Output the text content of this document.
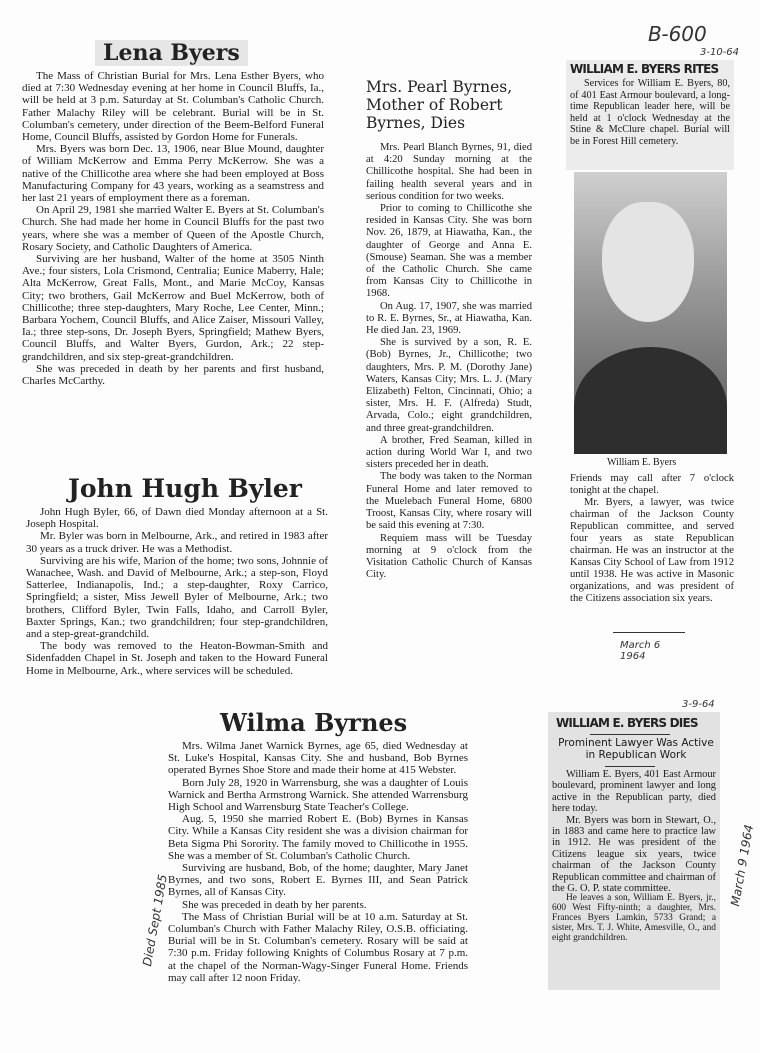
Lena Byers

The Mass of Christian Burial for Mrs. Lena Esther Byers, who died at 7:30 Wednesday evening at her home in Council Bluffs, Ia., will be held at 3 p.m. Saturday at St. Columban's Catholic Church. Father Malachy Riley will be celebrant. Burial will be in St. Columban's cemetery, under direction of the Beem-Belford Funeral Home, Council Bluffs, assisted by Gordon Home for Funerals.

Mrs. Byers was born Dec. 13, 1906, near Blue Mound, daughter of William McKerrow and Emma Perry McKerrow. She was a native of the Chillicothe area where she had been employed at Boss Manufacturing Company for 43 years, working as a seamstress and her last 21 years of employment there as a foreman.

On April 29, 1981 she married Walter E. Byers at St. Columban's Church. She had made her home in Council Bluffs for the past two years, where she was a member of Queen of the Apostle Church, Rosary Society, and Catholic Daughters of America.

Surviving are her husband, Walter of the home at 3505 Ninth Ave.; four sisters, Lola Crismond, Centralia; Eunice Maberry, Hale; Alta McKerrow, Great Falls, Mont., and Marie McCoy, Kansas City; two brothers, Gail McKerrow and Buel McKerrow, both of Chillicothe; three step-daughters, Mary Roche, Lee Center, Minn.; Barbara Yochem, Council Bluffs, and Alice Zaiser, Missouri Valley, Ia.; three step-sons, Dr. Joseph Byers, Springfield; Mathew Byers, Council Bluffs, and Walter Byers, Gurdon, Ark.; 22 step-grandchildren, and six step-great-grandchildren.

She was preceded in death by her parents and first husband, Charles McCarthy.

John Hugh Byler

John Hugh Byler, 66, of Dawn died Monday afternoon at a St. Joseph Hospital.

Mr. Byler was born in Melbourne, Ark., and retired in 1983 after 30 years as a truck driver. He was a Methodist.

Surviving are his wife, Marion of the home; two sons, Johnnie of Wanachee, Wash. and David of Melbourne, Ark.; a step-son, Floyd Satterlee, Indianapolis, Ind.; a step-daughter, Roxy Carrico, Springfield; a sister, Miss Jewell Byler of Melbourne, Ark.; two brothers, Clifford Byler, Twin Falls, Idaho, and Carroll Byler, Baxter Springs, Kan.; two grandchildren; four step-grandchildren, and a step-great-grandchild.

The body was removed to the Heaton-Bowman-Smith and Sidenfadden Chapel in St. Joseph and taken to the Howard Funeral Home in Melbourne, Ark., where services will be scheduled.

Mrs. Pearl Byrnes, Mother of Robert Byrnes, Dies

Mrs. Pearl Blanch Byrnes, 91, died at 4:20 Sunday morning at the Chillicothe hospital. She had been in failing health several years and in serious condition for two weeks.

Prior to coming to Chillicothe she resided in Kansas City. She was born Nov. 26, 1879, at Hiawatha, Kan., the daughter of George and Anna E. (Smouse) Seaman. She was a member of the Catholic Church. She came from Kansas City to Chillicothe in 1968.

On Aug. 17, 1907, she was married to R. E. Byrnes, Sr., at Hiawatha, Kan. He died Jan. 23, 1969.

She is survived by a son, R. E. (Bob) Byrnes, Jr., Chillicothe; two daughters, Mrs. P. M. (Dorothy Jane) Waters, Kansas City; Mrs. L. J. (Mary Elizabeth) Felton, Cincinnati, Ohio; a sister, Mrs. H. F. (Alfreda) Studt, Arvada, Colo.; eight grandchildren, and three great-grandchildren.

A brother, Fred Seaman, killed in action during World War I, and two sisters preceded her in death.

The body was taken to the Norman Funeral Home and later removed to the Muelebach Funeral Home, 6800 Troost, Kansas City, where rosary will be said this evening at 7:30.

Requiem mass will be Tuesday morning at 9 o'clock from the Visitation Catholic Church of Kansas City.

WILLIAM E. BYERS RITES

Services for William E. Byers, 80, of 401 East Armour boulevard, a long-time Republican leader here, will be held at 1 o'clock Wednesday at the Stine & McClure chapel. Burial will be in Forest Hill cemetery.

William E. Byers

Friends may call after 7 o'clock tonight at the chapel.

Mr. Byers, a lawyer, was twice chairman of the Jackson County Republican committee, and served four years as state Republican chairman. He was an instructor at the Kansas City School of Law from 1912 until 1938. He was active in Masonic organizations, and was president of the Citizens association six years.

WILLIAM E. BYERS DIES
Prominent Lawyer Was Active in Republican Work

William E. Byers, 401 East Armour boulevard, prominent lawyer and long active in the Republican party, died here today.

Mr. Byers was born in Stewart, O., in 1883 and came here to practice law in 1912. He was president of the Citizens league six years, twice chairman of the Jackson County Republican committee and chairman of the G. O. P. state committee.

He leaves a son, William E. Byers, jr., 600 West Fifty-ninth; a daughter, Mrs. Frances Byers Lamkin, 5733 Grand; a sister, Mrs. T. J. White, Amesville, O., and eight grandchildren.

Wilma Byrnes

Mrs. Wilma Janet Warnick Byrnes, age 65, died Wednesday at St. Luke's Hospital, Kansas City. She and husband, Bob Byrnes operated Byrnes Shoe Store and made their home at 415 Webster.

Born July 28, 1920 in Warrensburg, she was a daughter of Louis Warnick and Bertha Armstrong Warnick. She attended Warrensburg High School and Warrensburg State Teacher's College.

Aug. 5, 1950 she married Robert E. (Bob) Byrnes in Kansas City. While a Kansas City resident she was a division chairman for Beta Sigma Phi Sorority. The family moved to Chillicothe in 1955. She was a member of St. Columban's Catholic Church.

Surviving are husband, Bob, of the home; daughter, Mary Janet Byrnes, and two sons, Robert E. Byrnes III, and Sean Patrick Byrnes, all of Kansas City.

She was preceded in death by her parents.

The Mass of Christian Burial will be at 10 a.m. Saturday at St. Columban's Church with Father Malachy Riley, O.S.B. officiating. Burial will be in St. Columban's cemetery. Rosary will be said at 7:30 p.m. Friday following Knights of Columbus Rosary at 7 p.m. at the chapel of the Norman-Wagy-Singer Funeral Home. Friends may call after 12 noon Friday.

B-600
3-10-64
March 6 1964
3-9-64
March 9 1964
Died Sept 1985
